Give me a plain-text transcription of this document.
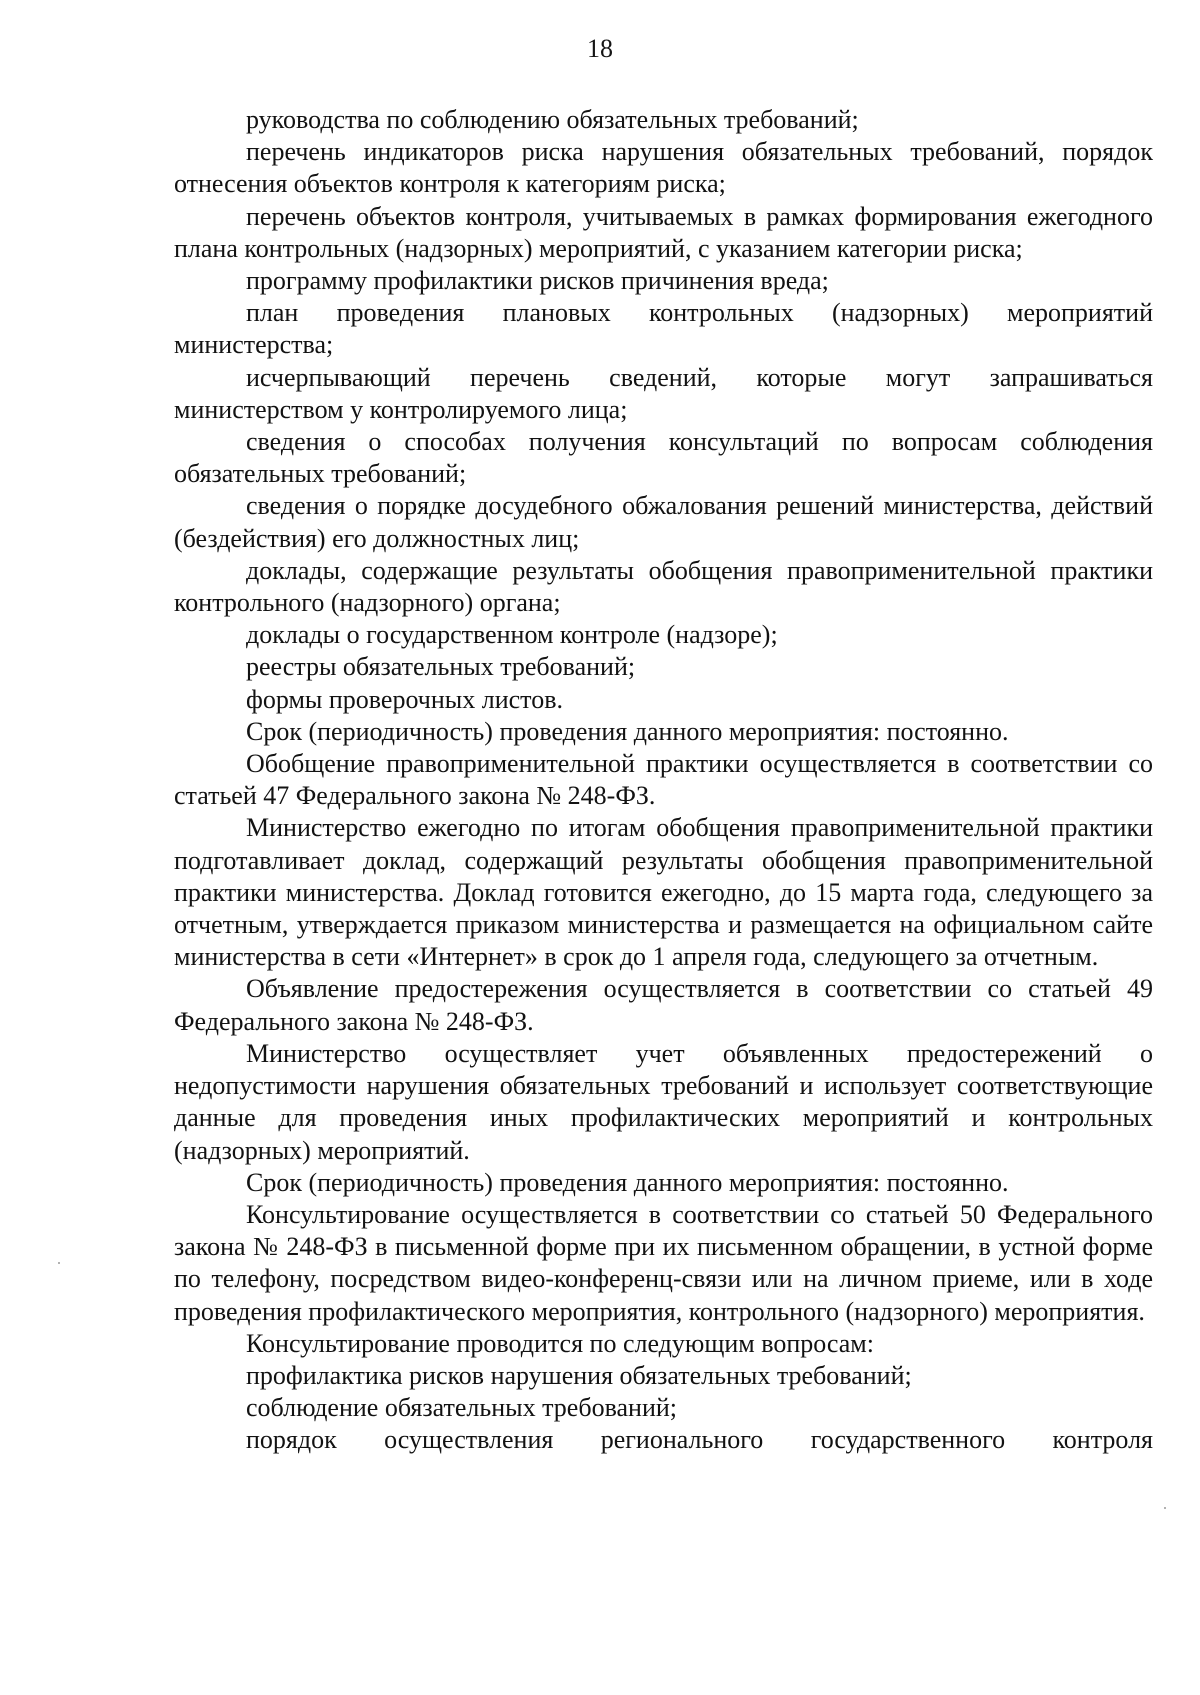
18

руководства по соблюдению обязательных требований;

перечень индикаторов риска нарушения обязательных требований, порядок отнесения объектов контроля к категориям риска;

перечень объектов контроля, учитываемых в рамках формирования ежегодного плана контрольных (надзорных) мероприятий, с указанием категории риска;

программу профилактики рисков причинения вреда;

план проведения плановых контрольных (надзорных) мероприятий министерства;

исчерпывающий перечень сведений, которые могут запрашиваться министерством у контролируемого лица;

сведения о способах получения консультаций по вопросам соблюдения обязательных требований;

сведения о порядке досудебного обжалования решений министерства, действий (бездействия) его должностных лиц;

доклады, содержащие результаты обобщения правоприменительной практики контрольного (надзорного) органа;

доклады о государственном контроле (надзоре);

реестры обязательных требований;

формы проверочных листов.

Срок (периодичность) проведения данного мероприятия: постоянно.

Обобщение правоприменительной практики осуществляется в соответствии со статьей 47 Федерального закона № 248-ФЗ.

Министерство ежегодно по итогам обобщения правоприменительной практики подготавливает доклад, содержащий результаты обобщения правоприменительной практики министерства. Доклад готовится ежегодно, до 15 марта года, следующего за отчетным, утверждается приказом министерства и размещается на официальном сайте министерства в сети «Интернет» в срок до 1 апреля года, следующего за отчетным.

Объявление предостережения осуществляется в соответствии со статьей 49 Федерального закона № 248-ФЗ.

Министерство осуществляет учет объявленных предостережений о недопустимости нарушения обязательных требований и использует соответствующие данные для проведения иных профилактических мероприятий и контрольных (надзорных) мероприятий.

Срок (периодичность) проведения данного мероприятия: постоянно.

Консультирование осуществляется в соответствии со статьей 50 Федерального закона № 248-ФЗ в письменной форме при их письменном обращении, в устной форме по телефону, посредством видео-конференц-связи или на личном приеме, или в ходе проведения профилактического мероприятия, контрольного (надзорного) мероприятия.

Консультирование проводится по следующим вопросам:

профилактика рисков нарушения обязательных требований;

соблюдение обязательных требований;

порядок осуществления регионального государственного контроля
